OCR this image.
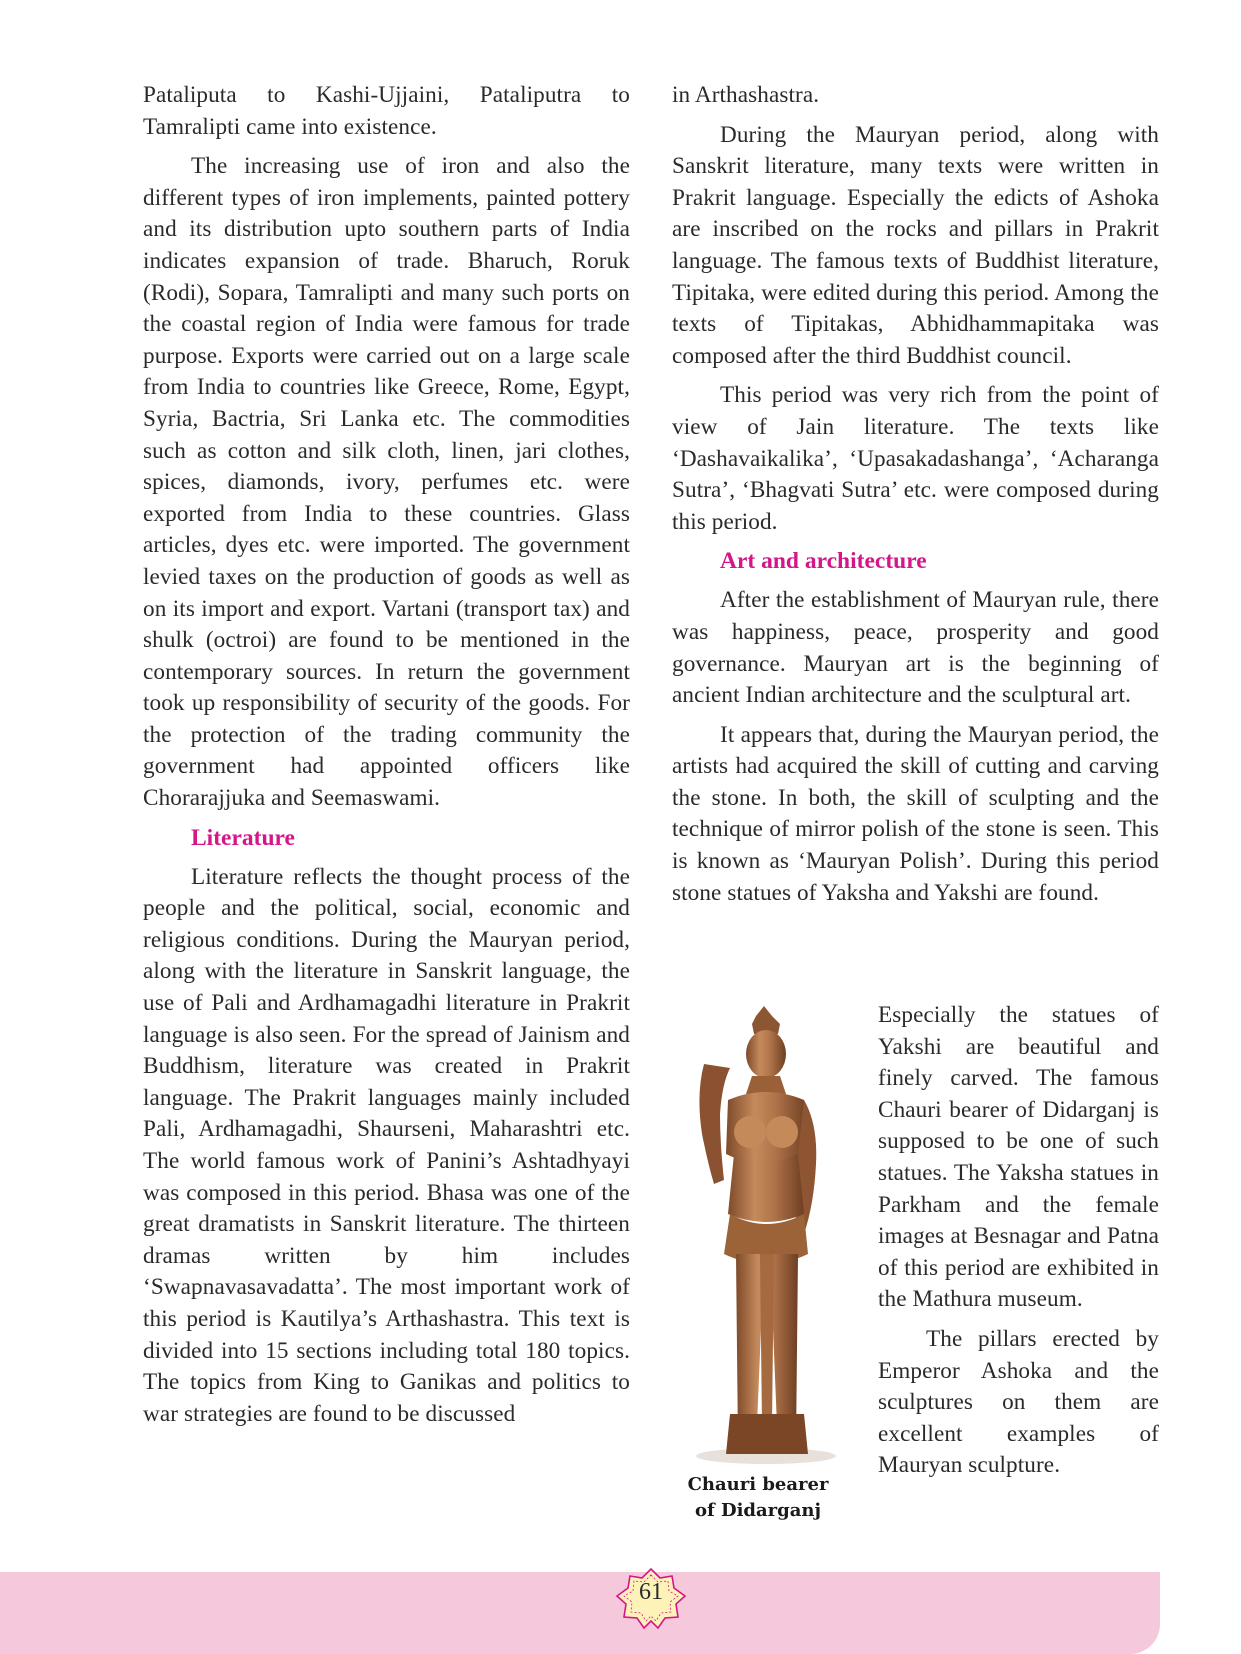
Pataliputa to Kashi-Ujjaini, Pataliputra to Tamralipti came into existence.

The increasing use of iron and also the different types of iron implements, painted pottery and its distribution upto southern parts of India indicates expansion of trade. Bharuch, Roruk (Rodi), Sopara, Tamralipti and many such ports on the coastal region of India were famous for trade purpose. Exports were carried out on a large scale from India to countries like Greece, Rome, Egypt, Syria, Bactria, Sri Lanka etc. The commodities such as cotton and silk cloth, linen, jari clothes, spices, diamonds, ivory, perfumes etc. were exported from India to these countries. Glass articles, dyes etc. were imported. The government levied taxes on the production of goods as well as on its import and export. Vartani (transport tax) and shulk (octroi) are found to be mentioned in the contemporary sources. In return the government took up responsibility of security of the goods. For the protection of the trading community the government had appointed officers like Chorarajjuka and Seemaswami.

Literature

Literature reflects the thought process of the people and the political, social, economic and religious conditions. During the Mauryan period, along with the literature in Sanskrit language, the use of Pali and Ardhamagadhi literature in Prakrit language is also seen. For the spread of Jainism and Buddhism, literature was created in Prakrit language. The Prakrit languages mainly included Pali, Ardhamagadhi, Shaurseni, Maharashtri etc. The world famous work of Panini’s Ashtadhyayi was composed in this period. Bhasa was one of the great dramatists in Sanskrit literature. The thirteen dramas written by him includes ‘Swapnavasavadatta’. The most important work of this period is Kautilya’s Arthashastra. This text is divided into 15 sections including total 180 topics. The topics from King to Ganikas and politics to war strategies are found to be discussed

in Arthashastra.

During the Mauryan period, along with Sanskrit literature, many texts were written in Prakrit language. Especially the edicts of Ashoka are inscribed on the rocks and pillars in Prakrit language. The famous texts of Buddhist literature, Tipitaka, were edited during this period. Among the texts of Tipitakas, Abhidhammapitaka was composed after the third Buddhist council.

This period was very rich from the point of view of Jain literature. The texts like ‘Dashavaikalika’, ‘Upasakadashanga’, ‘Acharanga Sutra’, ‘Bhagvati Sutra’ etc. were composed during this period.

Art and architecture

After the establishment of Mauryan rule, there was happiness, peace, prosperity and good governance. Mauryan art is the beginning of ancient Indian architecture and the sculptural art.

It appears that, during the Mauryan period, the artists had acquired the skill of cutting and carving the stone. In both, the skill of sculpting and the technique of mirror polish of the stone is seen. This is known as ‘Mauryan Polish’. During this period stone statues of Yaksha and Yakshi are found.

Chauri bearer
of Didarganj

Especially the statues of Yakshi are beautiful and finely carved. The famous Chauri bearer of Didarganj is supposed to be one of such statues. The Yaksha statues in Parkham and the female images at Besnagar and Patna of this period are exhibited in the Mathura museum.

The pillars erected by Emperor Ashoka and the sculptures on them are excellent examples of Mauryan sculpture.

61
